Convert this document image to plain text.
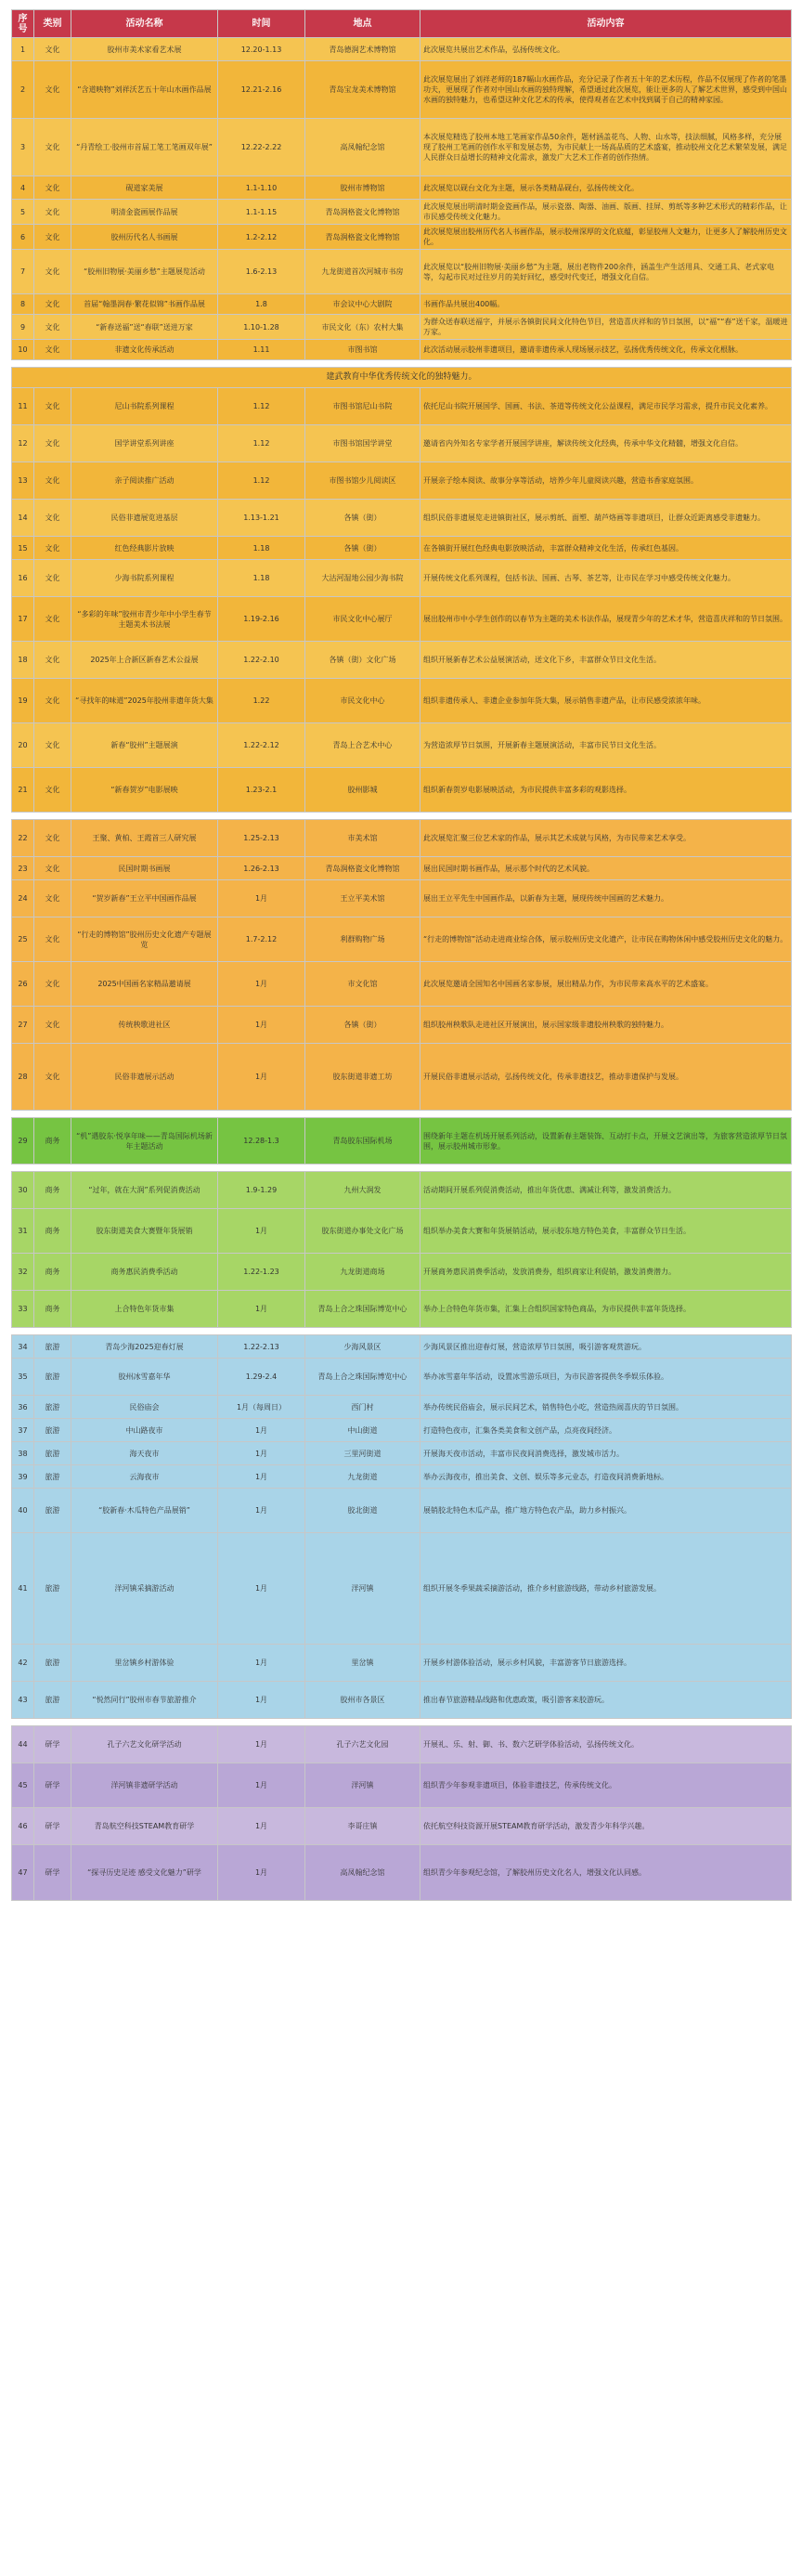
序号	类别	活动名称	时间	地点	活动内容
1	文化	胶州市美术家看艺术展	12.20-1.13	青岛德润艺术博物馆	此次展览共展出艺术作品，弘扬传统文化。
2	文化	“含道映物”刘祥沃艺五十年山水画作品展	12.21-2.16	青岛宝龙美术博物馆	此次展览展出了刘祥老师的187幅山水画作品，充分记录了作者五十年的艺术历程，作品不仅展现了作者的笔墨功夫，更展现了作者对中国山水画的独特理解，希望通过此次展览，能让更多的人了解艺术世界，感受到中国山水画的独特魅力，也希望这种文化艺术的传承，使得观者在艺术中找到属于自己的精神家园。
3	文化	“丹青绘工·胶州市首届工笔工笔画双年展”	12.22-2.22	高凤翰纪念馆	本次展览精选了胶州本地工笔画家作品50余件，题材涵盖花鸟、人物、山水等，技法细腻，风格多样，充分展现了胶州工笔画的创作水平和发展态势，为市民献上一场高品质的艺术盛宴，推动胶州文化艺术繁荣发展，满足人民群众日益增长的精神文化需求，激发广大艺术工作者的创作热情。
4	文化	砚道家美展	1.1-1.10	胶州市博物馆	此次展览以砚台文化为主题，展示各类精品砚台，弘扬传统文化。
5	文化	明清金瓷画展作品展	1.1-1.15	青岛润格瓷文化博物馆	此次展览展出明清时期金瓷画作品，展示瓷器、陶器、油画、版画、挂屏、剪纸等多种艺术形式的精彩作品，让市民感受传统文化魅力。
6	文化	胶州历代名人书画展	1.2-2.12	青岛润格瓷文化博物馆	此次展览展出胶州历代名人书画作品，展示胶州深厚的文化底蕴，彰显胶州人文魅力，让更多人了解胶州历史文化。
7	文化	“胶州旧物展·美丽乡愁”主题展览活动	1.6-2.13	九龙街道首次河城市书房	此次展览以“胶州旧物展·美丽乡愁”为主题，展出老物件200余件，涵盖生产生活用具、交通工具、老式家电等，勾起市民对过往岁月的美好回忆，感受时代变迁，增强文化自信。
8	文化	首届“翰墨润春·繁花似锦”书画作品展	1.8	市会议中心大剧院	书画作品共展出400幅。
9	文化	“新春送福”送“春联”送进万家	1.10-1.28	市民文化（东）农村大集	为群众送春联送福字，并展示各镇街民间文化特色节目，营造喜庆祥和的节日氛围，以“福”“春”送千家，温暖进万家。
10	文化	非遗文化传承活动	1.11	市图书馆	此次活动展示胶州非遗项目，邀请非遗传承人现场展示技艺，弘扬优秀传统文化，传承文化根脉。

建武教育中华优秀传统文化的独特魅力。					
11	文化	尼山书院系列课程	1.12	市图书馆尼山书院	依托尼山书院开展国学、国画、书法、茶道等传统文化公益课程，满足市民学习需求，提升市民文化素养。
12	文化	国学讲堂系列讲座	1.12	市图书馆国学讲堂	邀请省内外知名专家学者开展国学讲座，解读传统文化经典，传承中华文化精髓，增强文化自信。
13	文化	亲子阅读推广活动	1.12	市图书馆少儿阅读区	开展亲子绘本阅读、故事分享等活动，培养少年儿童阅读兴趣，营造书香家庭氛围。
14	文化	民俗非遗展览进基层	1.13-1.21	各镇（街）	组织民俗非遗展览走进镇街社区，展示剪纸、面塑、葫芦烙画等非遗项目，让群众近距离感受非遗魅力。
15	文化	红色经典影片放映	1.18	各镇（街）	在各镇街开展红色经典电影放映活动，丰富群众精神文化生活，传承红色基因。
16	文化	少海书院系列课程	1.18	大沽河湿地公园少海书院	开展传统文化系列课程，包括书法、国画、古琴、茶艺等，让市民在学习中感受传统文化魅力。
17	文化	“多彩的年味”胶州市青少年中小学生春节主题美术书法展	1.19-2.16	市民文化中心展厅	展出胶州市中小学生创作的以春节为主题的美术书法作品，展现青少年的艺术才华，营造喜庆祥和的节日氛围。
18	文化	2025年上合新区新春艺术公益展	1.22-2.10	各镇（街）文化广场	组织开展新春艺术公益展演活动，送文化下乡，丰富群众节日文化生活。
19	文化	“寻找年的味道”2025年胶州非遗年货大集	1.22	市民文化中心	组织非遗传承人、非遗企业参加年货大集，展示销售非遗产品，让市民感受浓浓年味。
20	文化	新春“胶州”主题展演	1.22-2.12	青岛上合艺术中心	为营造浓厚节日氛围，开展新春主题展演活动，丰富市民节日文化生活。
21	文化	“新春贺岁”电影展映	1.23-2.1	胶州影城	组织新春贺岁电影展映活动，为市民提供丰富多彩的观影选择。

22	文化	王聚、黄柏、王霞首三人研究展	1.25-2.13	市美术馆	此次展览汇聚三位艺术家的作品，展示其艺术成就与风格，为市民带来艺术享受。
23	文化	民国时期书画展	1.26-2.13	青岛润格瓷文化博物馆	展出民国时期书画作品，展示那个时代的艺术风貌。
24	文化	“贺岁新春”王立平中国画作品展	1月	王立平美术馆	展出王立平先生中国画作品，以新春为主题，展现传统中国画的艺术魅力。
25	文化	“行走的博物馆”胶州历史文化遗产专题展览	1.7-2.12	利群购物广场	“行走的博物馆”活动走进商业综合体，展示胶州历史文化遗产，让市民在购物休闲中感受胶州历史文化的魅力。
26	文化	2025中国画名家精品邀请展	1月	市文化馆	此次展览邀请全国知名中国画名家参展，展出精品力作，为市民带来高水平的艺术盛宴。
27	文化	传统秧歌进社区	1月	各镇（街）	组织胶州秧歌队走进社区开展演出，展示国家级非遗胶州秧歌的独特魅力。
28	文化	民俗非遗展示活动	1月	胶东街道非遗工坊	开展民俗非遗展示活动，弘扬传统文化，传承非遗技艺，推动非遗保护与发展。

29	商务	“机”遇胶东·悦享年味——青岛国际机场新年主题活动	12.28-1.3	青岛胶东国际机场	围绕新年主题在机场开展系列活动，设置新春主题装饰、互动打卡点，开展文艺演出等，为旅客营造浓厚节日氛围，展示胶州城市形象。

30	商务	“过年，就在大润”系列促消费活动	1.9-1.29	九州大润发	活动期间开展系列促消费活动，推出年货优惠、满减让利等，激发消费活力。
31	商务	胶东街道美食大赛暨年货展销	1月	胶东街道办事处文化广场	组织举办美食大赛和年货展销活动，展示胶东地方特色美食，丰富群众节日生活。
32	商务	商务惠民消费季活动	1.22-1.23	九龙街道商场	开展商务惠民消费季活动，发放消费券，组织商家让利促销，激发消费潜力。
33	商务	上合特色年货市集	1月	青岛上合之珠国际博览中心	举办上合特色年货市集，汇集上合组织国家特色商品，为市民提供丰富年货选择。

34	旅游	青岛少海2025迎春灯展	1.22-2.13	少海风景区	少海风景区推出迎春灯展，营造浓厚节日氛围，吸引游客观赏游玩。
35	旅游	胶州冰雪嘉年华	1.29-2.4	青岛上合之珠国际博览中心	举办冰雪嘉年华活动，设置冰雪游乐项目，为市民游客提供冬季娱乐体验。
36	旅游	民俗庙会	1月（每周日）	西门村	举办传统民俗庙会，展示民间艺术，销售特色小吃，营造热闹喜庆的节日氛围。
37	旅游	中山路夜市	1月	中山街道	打造特色夜市，汇集各类美食和文创产品，点亮夜间经济。
38	旅游	海天夜市	1月	三里河街道	开展海天夜市活动，丰富市民夜间消费选择，激发城市活力。
39	旅游	云海夜市	1月	九龙街道	举办云海夜市，推出美食、文创、娱乐等多元业态，打造夜间消费新地标。
40	旅游	“胶新春·木瓜特色产品展销”	1月	胶北街道	展销胶北特色木瓜产品，推广地方特色农产品，助力乡村振兴。
41	旅游	洋河镇采摘游活动	1月	洋河镇	组织开展冬季果蔬采摘游活动，推介乡村旅游线路，带动乡村旅游发展。
42	旅游	里岔镇乡村游体验	1月	里岔镇	开展乡村游体验活动，展示乡村风貌，丰富游客节日旅游选择。
43	旅游	“悦然同行”胶州市春节旅游推介	1月	胶州市各景区	推出春节旅游精品线路和优惠政策，吸引游客来胶游玩。

44	研学	孔子六艺文化研学活动	1月	孔子六艺文化园	开展礼、乐、射、御、书、数六艺研学体验活动，弘扬传统文化。
45	研学	洋河镇非遗研学活动	1月	洋河镇	组织青少年参观非遗项目，体验非遗技艺，传承传统文化。
46	研学	青岛航空科技STEAM教育研学	1月	李哥庄镇	依托航空科技资源开展STEAM教育研学活动，激发青少年科学兴趣。
47	研学	“探寻历史足迹 感受文化魅力”研学	1月	高凤翰纪念馆	组织青少年参观纪念馆，了解胶州历史文化名人，增强文化认同感。
